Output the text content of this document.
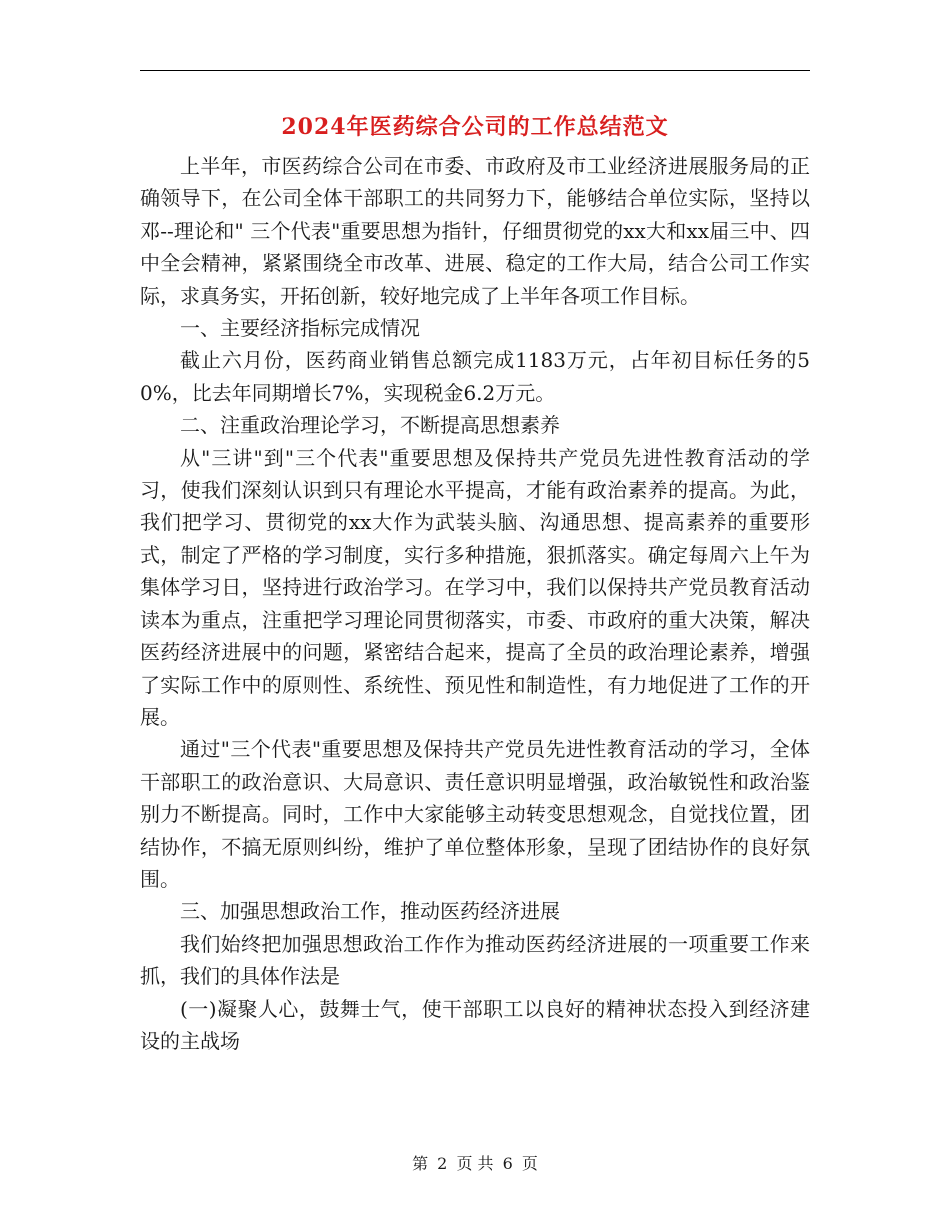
2024年医药综合公司的工作总结范文

上半年，市医药综合公司在市委、市政府及市工业经济进展服务局的正确领导下，在公司全体干部职工的共同努力下，能够结合单位实际，坚持以邓--理论和" 三个代表"重要思想为指针，仔细贯彻党的xx大和xx届三中、四中全会精神，紧紧围绕全市改革、进展、稳定的工作大局，结合公司工作实际，求真务实，开拓创新，较好地完成了上半年各项工作目标。

一、主要经济指标完成情况

截止六月份，医药商业销售总额完成1183万元，占年初目标任务的50%，比去年同期增长7%，实现税金6.2万元。

二、注重政治理论学习，不断提高思想素养

从"三讲"到"三个代表"重要思想及保持共产党员先进性教育活动的学习，使我们深刻认识到只有理论水平提高，才能有政治素养的提高。为此，我们把学习、贯彻党的xx大作为武装头脑、沟通思想、提高素养的重要形式，制定了严格的学习制度，实行多种措施，狠抓落实。确定每周六上午为集体学习日，坚持进行政治学习。在学习中，我们以保持共产党员教育活动读本为重点，注重把学习理论同贯彻落实，市委、市政府的重大决策，解决医药经济进展中的问题，紧密结合起来，提高了全员的政治理论素养，增强了实际工作中的原则性、系统性、预见性和制造性，有力地促进了工作的开展。

通过"三个代表"重要思想及保持共产党员先进性教育活动的学习，全体干部职工的政治意识、大局意识、责任意识明显增强，政治敏锐性和政治鉴别力不断提高。同时，工作中大家能够主动转变思想观念，自觉找位置，团结协作，不搞无原则纠纷，维护了单位整体形象，呈现了团结协作的良好氛围。

三、加强思想政治工作，推动医药经济进展

我们始终把加强思想政治工作作为推动医药经济进展的一项重要工作来抓，我们的具体作法是

(一)凝聚人心，鼓舞士气，使干部职工以良好的精神状态投入到经济建设的主战场

第 2 页 共 6 页
